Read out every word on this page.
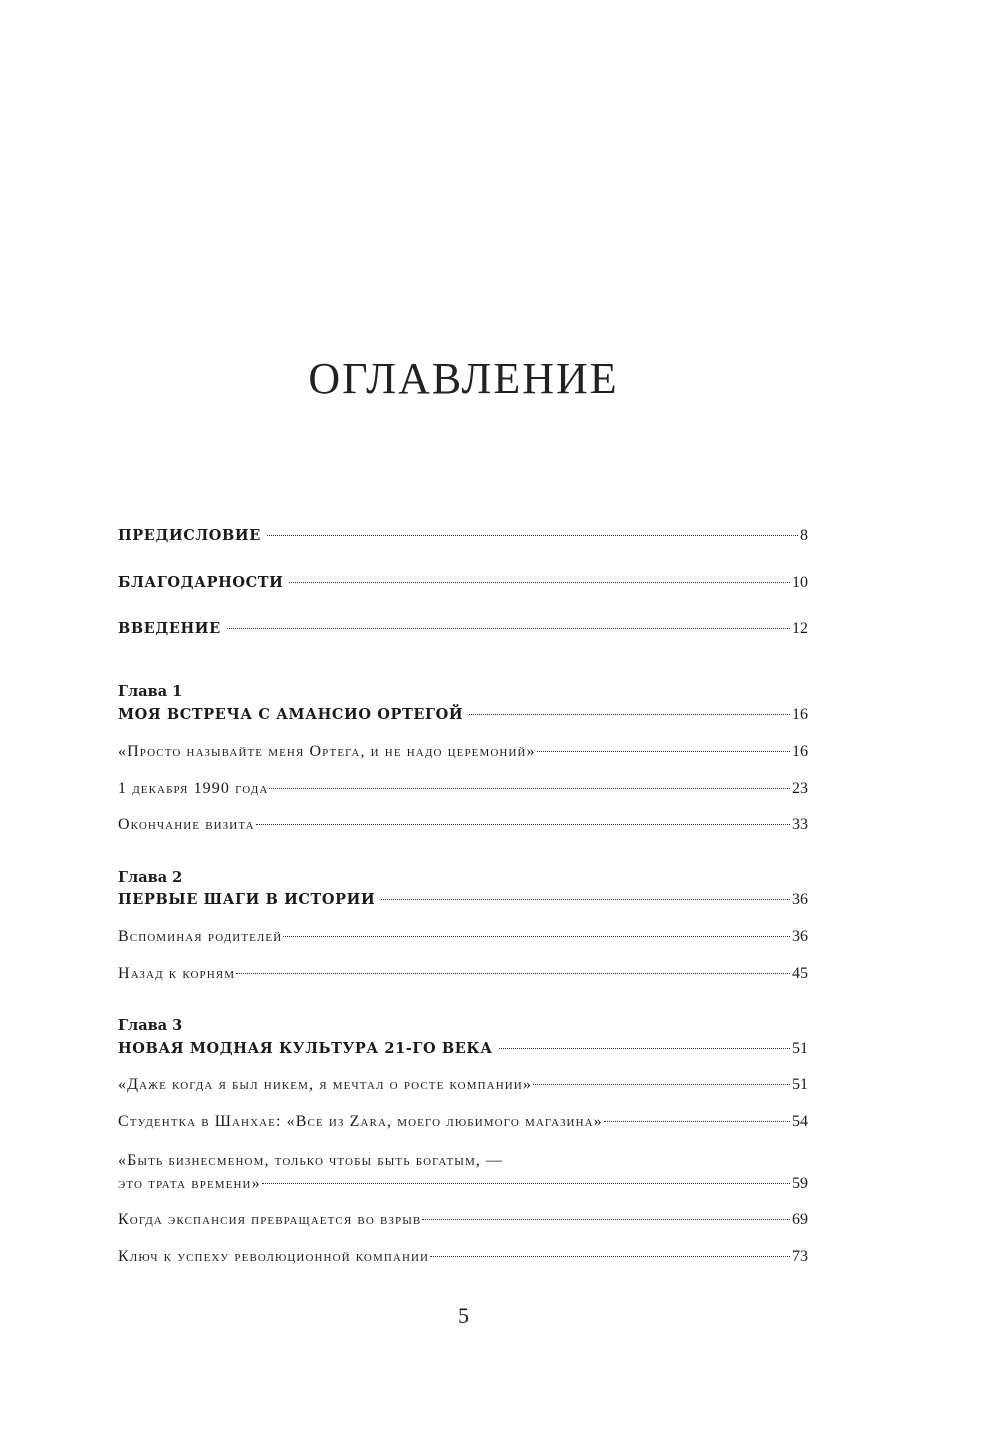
ОГЛАВЛЕНИЕ
ПРЕДИСЛОВИЕ	8
БЛАГОДАРНОСТИ	10
ВВЕДЕНИЕ	12
Глава 1
МОЯ ВСТРЕЧА С АМАНСИО ОРТЕГОЙ	16
«Просто называйте меня Ортега, и не надо церемоний»	16
1 декабря 1990 года	23
Окончание визита	33
Глава 2
ПЕРВЫЕ ШАГИ В ИСТОРИИ	36
Вспоминая родителей	36
Назад к корням	45
Глава 3
НОВАЯ МОДНАЯ КУЛЬТУРА 21-ГО ВЕКА	51
«Даже когда я был никем, я мечтал о росте компании»	51
Студентка в Шанхае: «Все из Zara, моего любимого магазина»	54
«Быть бизнесменом, только чтобы быть богатым, —
это трата времени»	59
Когда экспансия превращается во взрыв	69
Ключ к успеху революционной компании	73
5
